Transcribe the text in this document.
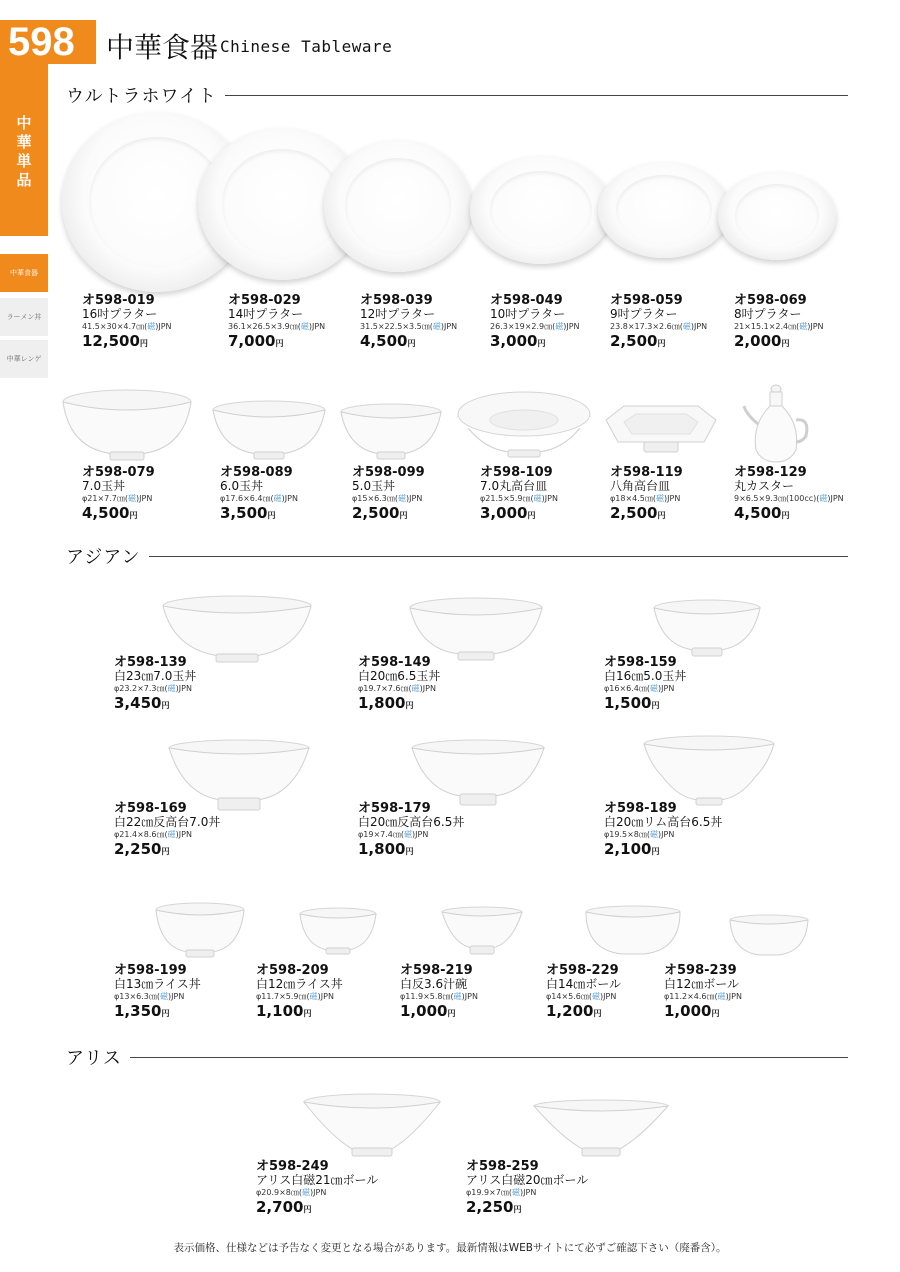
598	中華食器 Chinese Tableware
中華単品
中華食器
ラーメン丼
中華レンゲ
ウルトラホワイト
アジアン
アリス
オ598-019
16吋プラター
41.5×30×4.7㎝(磁)JPN
12,500円
オ598-029
14吋プラター
36.1×26.5×3.9㎝(磁)JPN
7,000円
オ598-039
12吋プラター
31.5×22.5×3.5㎝(磁)JPN
4,500円
オ598-049
10吋プラター
26.3×19×2.9㎝(磁)JPN
3,000円
オ598-059
9吋プラター
23.8×17.3×2.6㎝(磁)JPN
2,500円
オ598-069
8吋プラター
21×15.1×2.4㎝(磁)JPN
2,000円
オ598-079
7.0玉丼
φ21×7.7㎝(磁)JPN
4,500円
オ598-089
6.0玉丼
φ17.6×6.4㎝(磁)JPN
3,500円
オ598-099
5.0玉丼
φ15×6.3㎝(磁)JPN
2,500円
オ598-109
7.0丸高台皿
φ21.5×5.9㎝(磁)JPN
3,000円
オ598-119
八角高台皿
φ18×4.5㎝(磁)JPN
2,500円
オ598-129
丸カスター
9×6.5×9.3㎝(100cc)(磁)JPN
4,500円
オ598-139
白23㎝7.0玉丼
φ23.2×7.3㎝(磁)JPN
3,450円
オ598-149
白20㎝6.5玉丼
φ19.7×7.6㎝(磁)JPN
1,800円
オ598-159
白16㎝5.0玉丼
φ16×6.4㎝(磁)JPN
1,500円
オ598-169
白22㎝反高台7.0丼
φ21.4×8.6㎝(磁)JPN
2,250円
オ598-179
白20㎝反高台6.5丼
φ19×7.4㎝(磁)JPN
1,800円
オ598-189
白20㎝リム高台6.5丼
φ19.5×8㎝(磁)JPN
2,100円
オ598-199
白13㎝ライス丼
φ13×6.3㎝(磁)JPN
1,350円
オ598-209
白12㎝ライス丼
φ11.7×5.9㎝(磁)JPN
1,100円
オ598-219
白反3.6汁碗
φ11.9×5.8㎝(磁)JPN
1,000円
オ598-229
白14㎝ボール
φ14×5.6㎝(磁)JPN
1,200円
オ598-239
白12㎝ボール
φ11.2×4.6㎝(磁)JPN
1,000円
オ598-249
アリス白磁21㎝ボール
φ20.9×8㎝(磁)JPN
2,700円
オ598-259
アリス白磁20㎝ボール
φ19.9×7㎝(磁)JPN
2,250円
表示価格、仕様などは予告なく変更となる場合があります。最新情報はWEBサイトにて必ずご確認下さい（廃番含）。
